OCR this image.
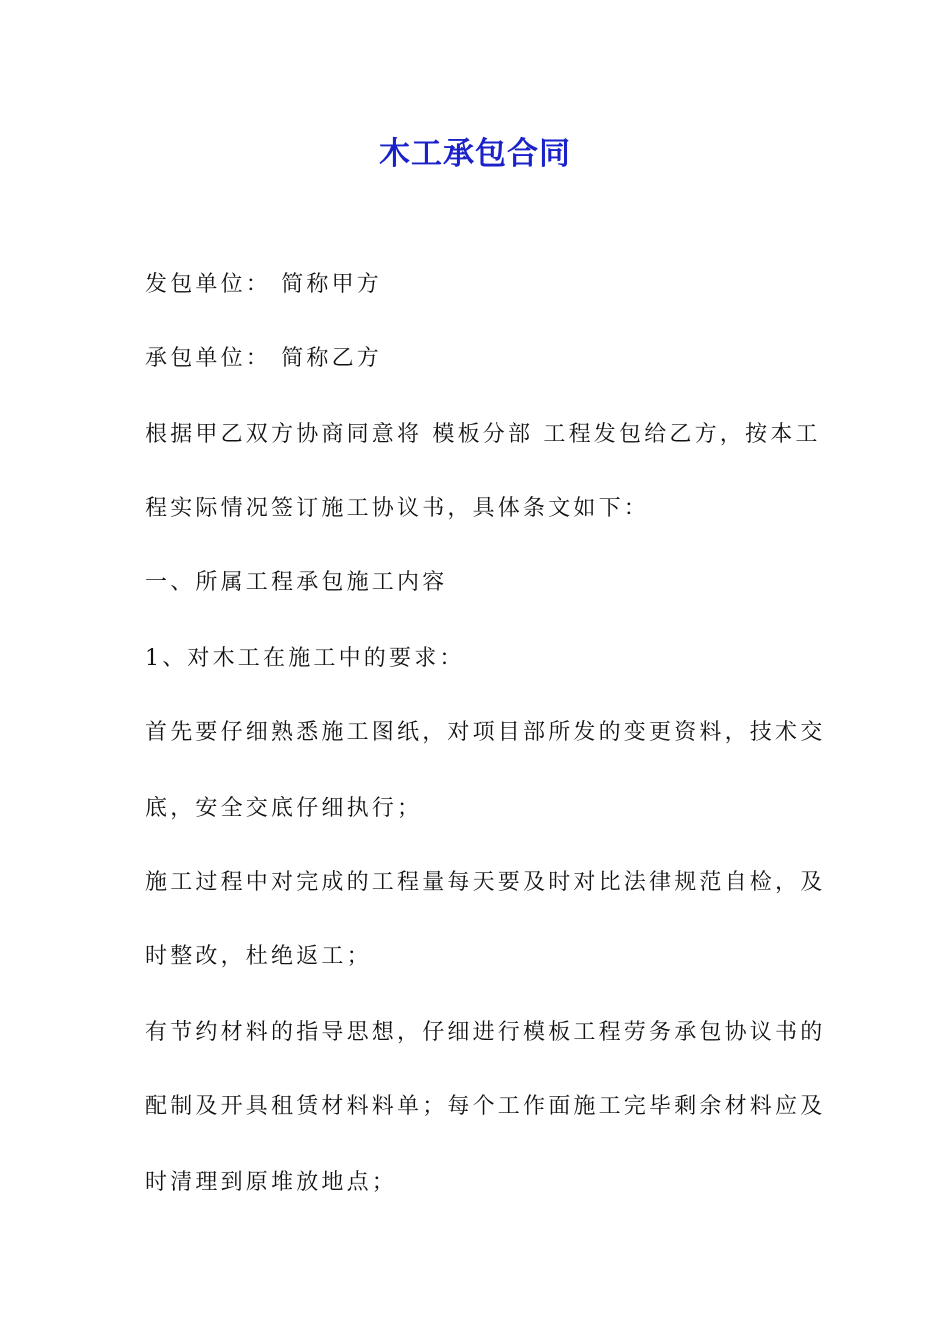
木工承包合同
发包单位： 简称甲方
承包单位： 简称乙方
根据甲乙双方协商同意将 模板分部 工程发包给乙方，按本工
程实际情况签订施工协议书，具体条文如下：
一、所属工程承包施工内容
1、对木工在施工中的要求：
首先要仔细熟悉施工图纸，对项目部所发的变更资料，技术交
底，安全交底仔细执行；
施工过程中对完成的工程量每天要及时对比法律规范自检，及
时整改，杜绝返工；
有节约材料的指导思想，仔细进行模板工程劳务承包协议书的
配制及开具租赁材料料单；每个工作面施工完毕剩余材料应及
时清理到原堆放地点；
